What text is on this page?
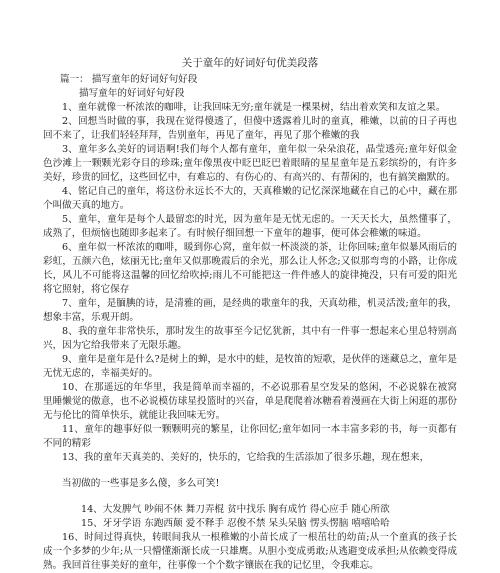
关于童年的好词好句优美段落

篇一： 描写童年的好词好句好段
描写童年的好词好句好段

1、童年就像一杯浓浓的咖啡，让我回味无穷;童年就是一棵果树，结出着欢笑和友谊之果。

2、回想当时做的事，我现在觉得傻透了，但傻中透露着儿时的童真，稚嫩，以前的日子再也回不来了，让我们轻轻拜拜，告别童年，再见了童年，再见了那个稚嫩的我

3、童年多么美好的词语啊!我们每个人都有童年，童年似一朵朵浪花，晶莹透亮;童年好似金色沙滩上一颗颗光彩夺目的珍珠;童年像黑夜中眨巴眨巴着眼睛的星星童年是五彩缤纷的，有许多美好，珍贵的回忆，这些回忆中，有难忘的、有伤心的、有高兴的、有帮闲的，也有搞笑幽默的。

4、铭记自己的童年，将这份永远长不大的，天真稚嫩的记忆深深地藏在自己的心中，藏在那个叫做天真的地方。

5、童年，童年是每个人最留恋的时光，因为童年是无忧无虑的。一天天长大，虽然懂事了，成熟了，但烦恼也随即多起来了。有时候仔细回想一下童年的趣事，便可体会稚嫩的味道。

6、童年似一杯浓浓的咖啡，暖到你心窝，童年似一杯淡淡的茶，让你回味;童年似暴风雨后的彩虹，五颜六色，炫丽无比;童年又似那晚霞后的余光，那么让人怀念;又似那弯弯的小路，让你成长，风儿不可能将这温馨的回忆给吹掉;雨儿不可能把这一件件感人的旋律掩没，只有可爱的阳光将它照射，将它保存

7、童年，是腼腆的诗，是清雅的画，是经典的歌童年的我，天真幼稚，机灵活泼;童年的我，想象丰富，乐观开朗。

8、我的童年非常快乐，那时发生的故事至今记忆犹新，其中有一件事一想起来心里总特别高兴，因为它给我带来了无限乐趣。

9、童年是童年是什么?是树上的蝉，是水中的蛙，是牧笛的短歌，是伙伴的迷藏总之，童年是无忧无虑的，幸福美好的。

10、在那遥远的年华里，我是简单而幸福的，不必说那看星空发呆的悠闲，不必说躲在被窝里睡懒觉的傲意，也不必说模仿球星投篮时的兴奋，单是爬爬着冰糖看着漫画在大街上闲逛的那份无与伦比的简单快乐，就能让我回味无穷。

11、童年的趣事好似一颗颗明亮的繁星，让你回忆;童年如同一本丰富多彩的书，每一页都有不同的精彩

13、我的童年天真美的、美好的，快乐的，它给我的生活添加了很多乐趣，现在想来，

当初做的一些事是多么傻，多么可笑!

14、大发脾气 吵闹不休 舞刀弄棍 贫中找乐 胸有成竹 得心应手 随心所欲

15、牙牙学语 东跑西颠 爱不释手 忍俊不禁 呆头呆脑 愣头愣脑 嘻嘻哈哈

16、时间过得真快，转眼间我从一根稚嫩的小苗长成了一根茁壮的幼苗;从一个童真的孩子长成一个多梦的少年;从一只懵懂渐渐长成一只雄鹰。从胆小变成勇敢;从逃避变成承担;从依赖变得成熟。我回首往事美好的童年，往事像一个个数字镶嵌在我的记忆里，令我难忘。
